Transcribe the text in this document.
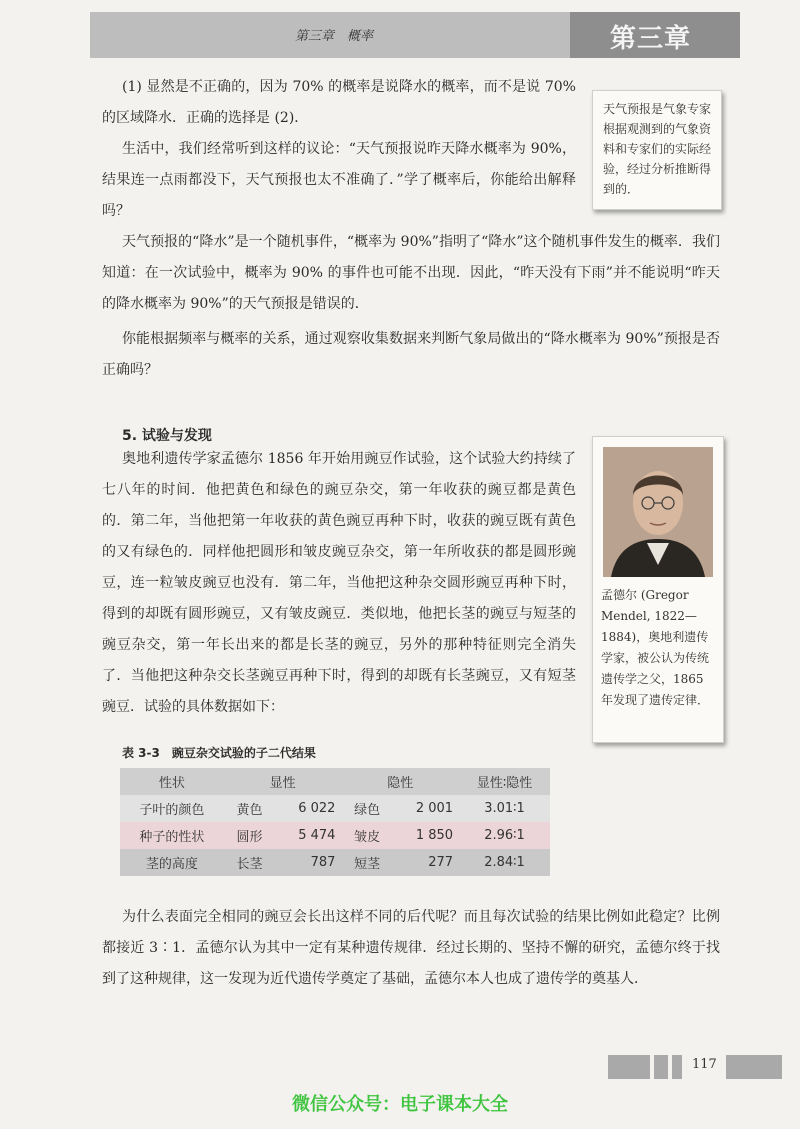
第三章　概率	第三章
(1) 显然是不正确的，因为 70% 的概率是说降水的概率，而不是说 70% 的区域降水．正确的选择是 (2)．
生活中，我们经常听到这样的议论：“天气预报说昨天降水概率为 90%，结果连一点雨都没下，天气预报也太不准确了．”学了概率后，你能给出解释吗？
天气预报是气象专家根据观测到的气象资料和专家们的实际经验，经过分析推断得到的．
天气预报的“降水”是一个随机事件，“概率为 90%”指明了“降水”这个随机事件发生的概率．我们知道：在一次试验中，概率为 90% 的事件也可能不出现．因此，“昨天没有下雨”并不能说明“昨天的降水概率为 90%”的天气预报是错误的．
你能根据频率与概率的关系，通过观察收集数据来判断气象局做出的“降水概率为 90%”预报是否正确吗？
5. 试验与发现
奥地利遗传学家孟德尔 1856 年开始用豌豆作试验，这个试验大约持续了七八年的时间．他把黄色和绿色的豌豆杂交，第一年收获的豌豆都是黄色的．第二年，当他把第一年收获的黄色豌豆再种下时，收获的豌豆既有黄色的又有绿色的．同样他把圆形和皱皮豌豆杂交，第一年所收获的都是圆形豌豆，连一粒皱皮豌豆也没有．第二年，当他把这种杂交圆形豌豆再种下时，得到的却既有圆形豌豆，又有皱皮豌豆．类似地，他把长茎的豌豆与短茎的豌豆杂交，第一年长出来的都是长茎的豌豆，另外的那种特征则完全消失了．当他把这种杂交长茎豌豆再种下时，得到的却既有长茎豌豆，又有短茎豌豆．试验的具体数据如下：
孟德尔 (Gregor Mendel, 1822—1884)，奥地利遗传学家，被公认为传统遗传学之父，1865 年发现了遗传定律．
表 3-3　豌豆杂交试验的子二代结果
性状	显性		隐性		显性∶隐性
子叶的颜色	黄色	6 022	绿色	2 001	3.01∶1
种子的性状	圆形	5 474	皱皮	1 850	2.96∶1
茎的高度	长茎	787	短茎	277	2.84∶1
为什么表面完全相同的豌豆会长出这样不同的后代呢？而且每次试验的结果比例如此稳定？比例都接近 3∶1．孟德尔认为其中一定有某种遗传规律．经过长期的、坚持不懈的研究，孟德尔终于找到了这种规律，这一发现为近代遗传学奠定了基础，孟德尔本人也成了遗传学的奠基人．
117
微信公众号：电子课本大全
